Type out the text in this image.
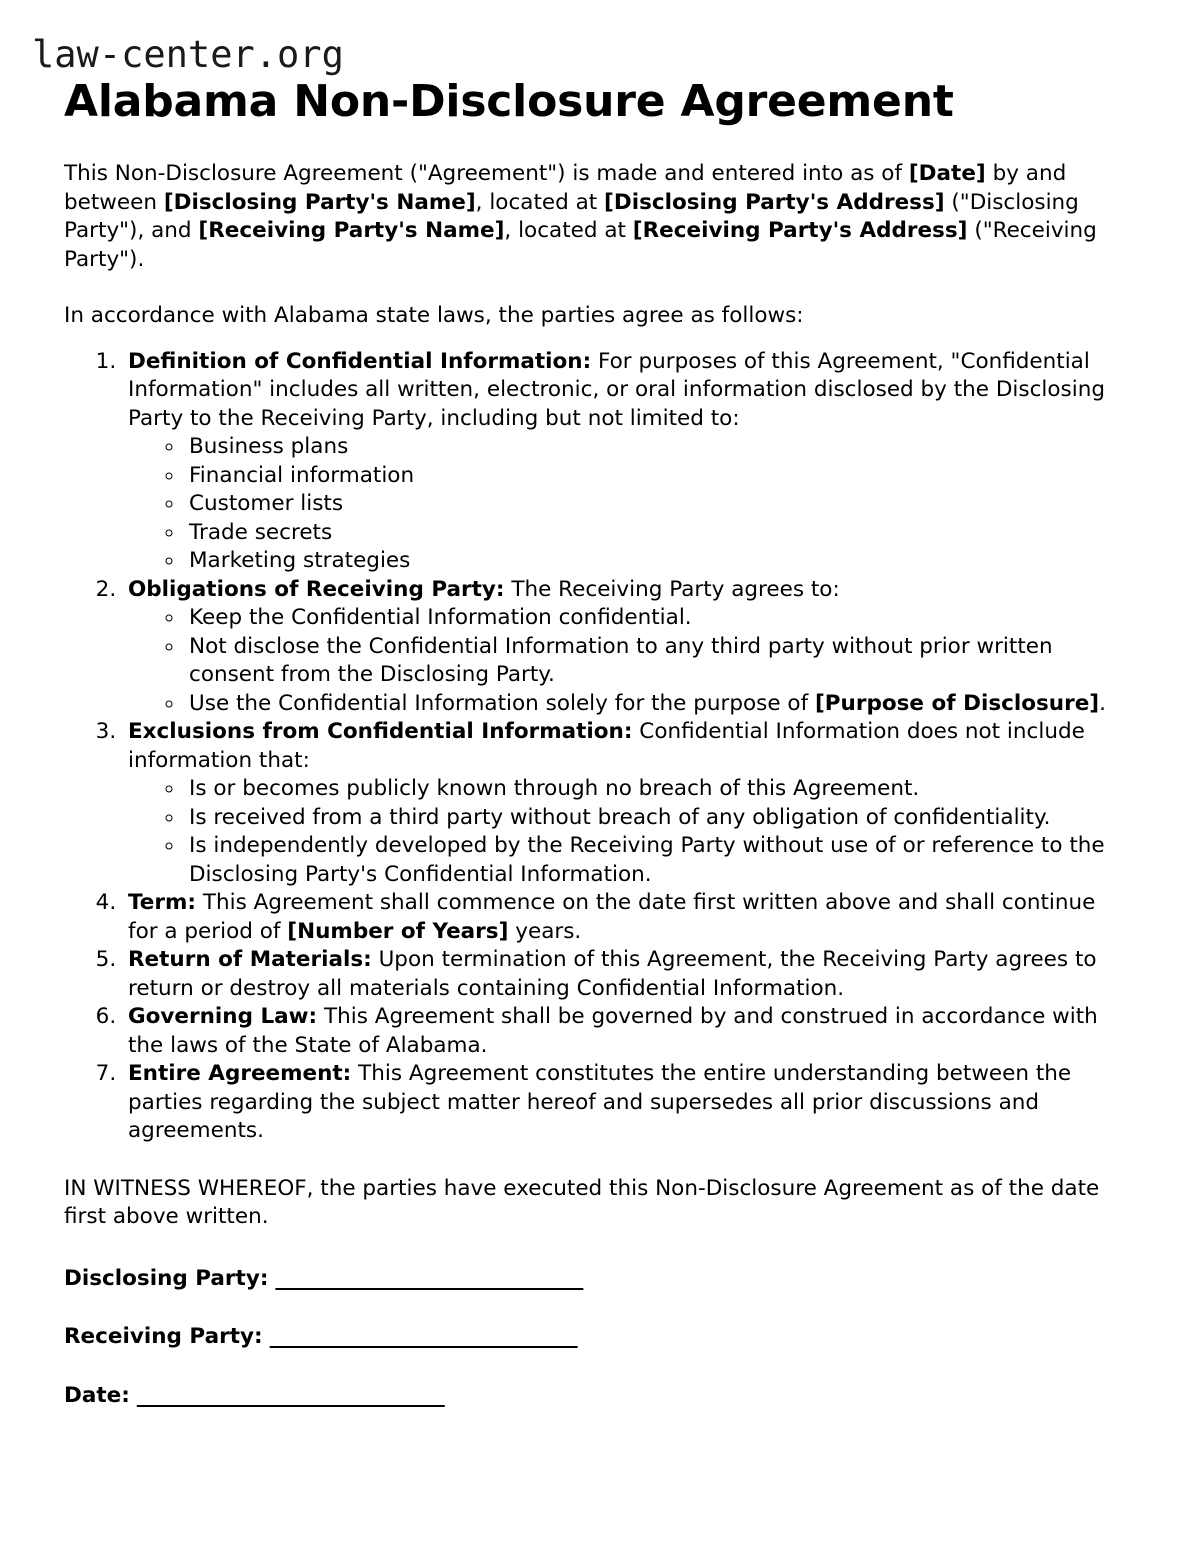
law-center.org
Alabama Non-Disclosure Agreement

This Non-Disclosure Agreement ("Agreement") is made and entered into as of [Date] by and between [Disclosing Party's Name], located at [Disclosing Party's Address] ("Disclosing Party"), and [Receiving Party's Name], located at [Receiving Party's Address] ("Receiving Party").

In accordance with Alabama state laws, the parties agree as follows:

1. Definition of Confidential Information: For purposes of this Agreement, "Confidential Information" includes all written, electronic, or oral information disclosed by the Disclosing Party to the Receiving Party, including but not limited to:
◦ Business plans
◦ Financial information
◦ Customer lists
◦ Trade secrets
◦ Marketing strategies
2. Obligations of Receiving Party: The Receiving Party agrees to:
◦ Keep the Confidential Information confidential.
◦ Not disclose the Confidential Information to any third party without prior written consent from the Disclosing Party.
◦ Use the Confidential Information solely for the purpose of [Purpose of Disclosure].
3. Exclusions from Confidential Information: Confidential Information does not include information that:
◦ Is or becomes publicly known through no breach of this Agreement.
◦ Is received from a third party without breach of any obligation of confidentiality.
◦ Is independently developed by the Receiving Party without use of or reference to the Disclosing Party's Confidential Information.
4. Term: This Agreement shall commence on the date first written above and shall continue for a period of [Number of Years] years.
5. Return of Materials: Upon termination of this Agreement, the Receiving Party agrees to return or destroy all materials containing Confidential Information.
6. Governing Law: This Agreement shall be governed by and construed in accordance with the laws of the State of Alabama.
7. Entire Agreement: This Agreement constitutes the entire understanding between the parties regarding the subject matter hereof and supersedes all prior discussions and agreements.

IN WITNESS WHEREOF, the parties have executed this Non-Disclosure Agreement as of the date first above written.

Disclosing Party: ______________________________
Receiving Party: ______________________________
Date: ______________________________
